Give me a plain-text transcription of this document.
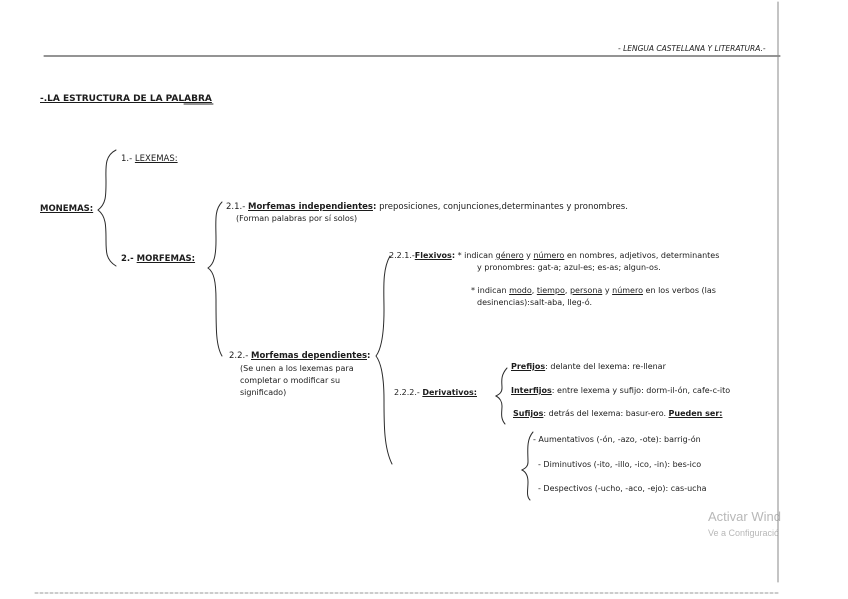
- LENGUA CASTELLANA Y LITERATURA.-
-.LA ESTRUCTURA DE LA PALABRA
MONEMAS:
1.- LEXEMAS:
2.- MORFEMAS:
2.1.- Morfemas independientes: preposiciones, conjunciones,determinantes y pronombres.
(Forman palabras por sí solos)
2.2.- Morfemas dependientes:
(Se unen a los lexemas para
completar o modificar su
significado)
2.2.1.-Flexivos: * indican género y número en nombres, adjetivos, determinantes
y pronombres: gat-a; azul-es; es-as; algun-os.
* indican modo, tiempo, persona y número en los verbos (las
desinencias):salt-aba, lleg-ó.
2.2.2.- Derivativos:
Prefijos: delante del lexema: re-llenar
Interfijos: entre lexema y sufijo: dorm-il-ón, cafe-c-ito
Sufijos: detrás del lexema: basur-ero. Pueden ser:
- Aumentativos (-ón, -azo, -ote): barrig-ón
- Diminutivos (-ito, -illo, -ico, -in): bes-ico
- Despectivos (-ucho, -aco, -ejo): cas-ucha
Activar Wind
Ve a Configuració
